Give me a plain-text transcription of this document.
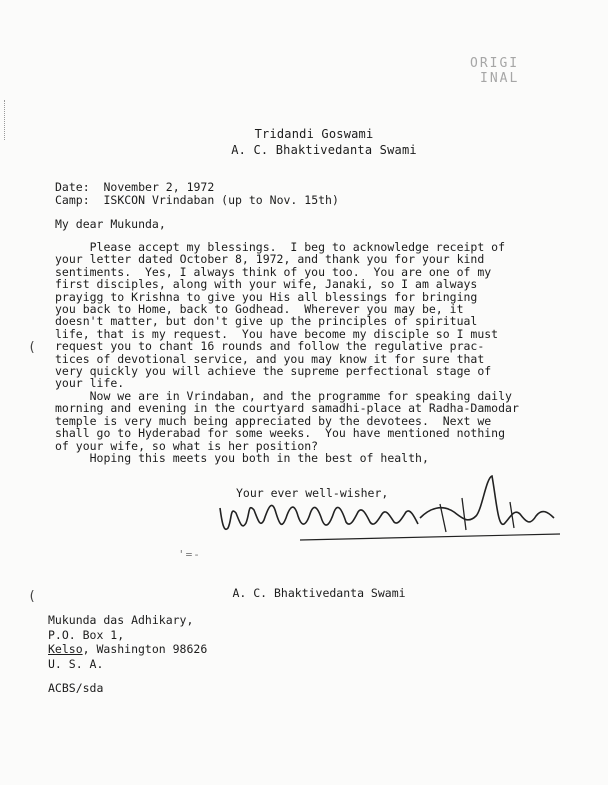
ORIGI
INAL
Tridandi Goswami
A. C. Bhaktivedanta Swami
Date: November 2, 1972
Camp: ISKCON Vrindaban (up to Nov. 15th)
My dear Mukunda,
Please accept my blessings.  I beg to acknowledge receipt of
your letter dated October 8, 1972, and thank you for your kind
sentiments.  Yes, I always think of you too.  You are one of my
first disciples, along with your wife, Janaki, so I am always
prayigg to Krishna to give you His all blessings for bringing
you back to Home, back to Godhead.  Wherever you may be, it
doesn't matter, but don't give up the principles of spiritual
life, that is my request.  You have become my disciple so I must
request you to chant 16 rounds and follow the regulative prac-
tices of devotional service, and you may know it for sure that
very quickly you will achieve the supreme perfectional stage of
your life.
Now we are in Vrindaban, and the programme for speaking daily
morning and evening in the courtyard samadhi-place at Radha-Damodar
temple is very much being appreciated by the devotees.  Next we
shall go to Hyderabad for some weeks.  You have mentioned nothing
of your wife, so what is her position?
Hoping this meets you both in the best of health,
Your ever well-wisher,
'=-
A. C. Bhaktivedanta Swami
(
(
Mukunda das Adhikary,
P.O. Box 1,
Kelso, Washington 98626
U. S. A.
ACBS/sda
